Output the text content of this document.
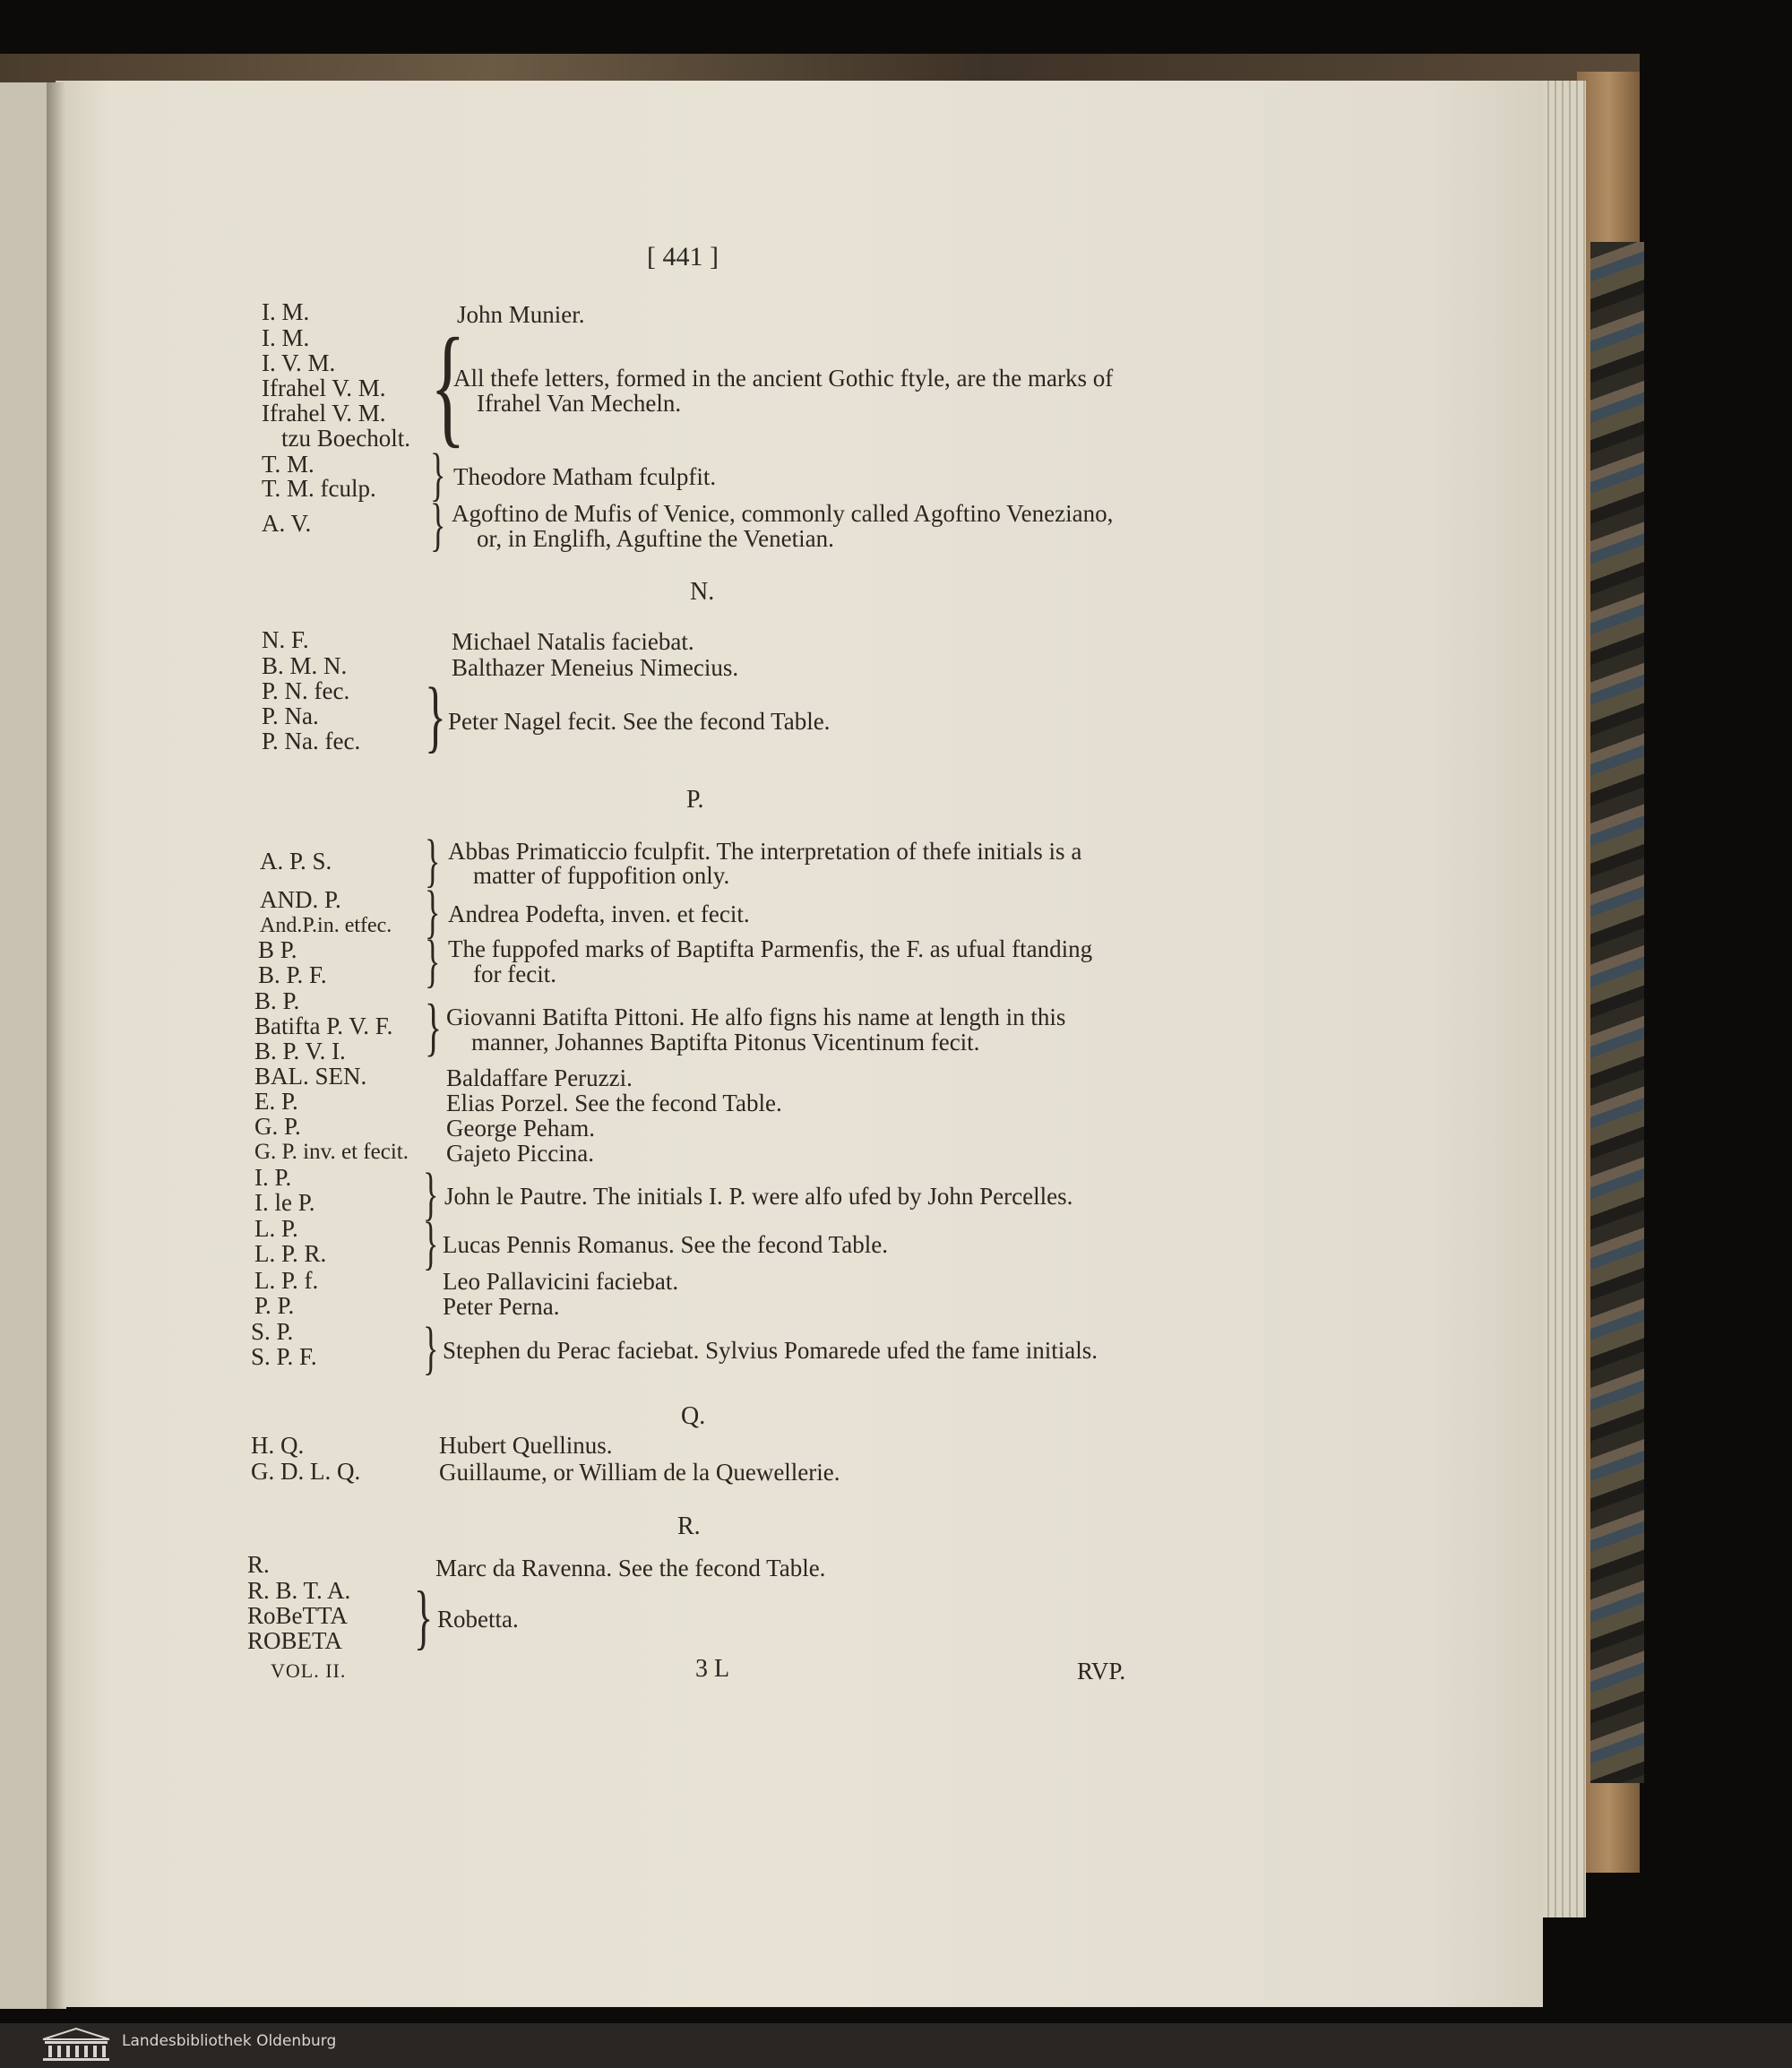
[ 441 ]
I. M.	John Munier.
I. M.
I. V. M.
Ifrahel V. M.
Ifrahel V. M.
tzu Boecholt. {
All thefe letters, formed in the ancient Gothic ftyle, are the marks of
Ifrahel Van Mecheln.
T. M.
T. M. fculp. } Theodore Matham fculpfit.
A. V. } Agoftino de Mufis of Venice, commonly called Agoftino Veneziano,
or, in Englifh, Aguftine the Venetian.
N.
N. F.	Michael Natalis faciebat.
B. M. N.	Balthazer Meneius Nimecius.
P. N. fec.
P. Na.
P. Na. fec. } Peter Nagel fecit. See the fecond Table.
P.
A. P. S. } Abbas Primaticcio fculpfit. The interpretation of thefe initials is a
matter of fuppofition only.
AND. P.
And.P.in. etfec. } Andrea Podefta, inven. et fecit.
B P.
B. P. F. } The fuppofed marks of Baptifta Parmenfis, the F. as ufual ftanding
for fecit.
B. P.
Batifta P. V. F.
B. P. V. I. } Giovanni Batifta Pittoni. He alfo figns his name at length in this
manner, Johannes Baptifta Pitonus Vicentinum fecit.
BAL. SEN.	Baldaffare Peruzzi.
E. P.	Elias Porzel. See the fecond Table.
G. P.	George Peham.
G. P. inv. et fecit. Gajeto Piccina.
I. P.
I. le P. } John le Pautre. The initials I. P. were alfo ufed by John Percelles.
L. P.
L. P. R. } Lucas Pennis Romanus. See the fecond Table.
L. P. f.	Leo Pallavicini faciebat.
P. P.	Peter Perna.
S. P.
S. P. F. } Stephen du Perac faciebat. Sylvius Pomarede ufed the fame initials.
Q.
H. Q.	Hubert Quellinus.
G. D. L. Q.	Guillaume, or William de la Quewellerie.
R.
R.	Marc da Ravenna. See the fecond Table.
R. B. T. A.
RoBeTTA
ROBETA } Robetta.
VOL. II.	3 L	RVP.
Landesbibliothek Oldenburg
